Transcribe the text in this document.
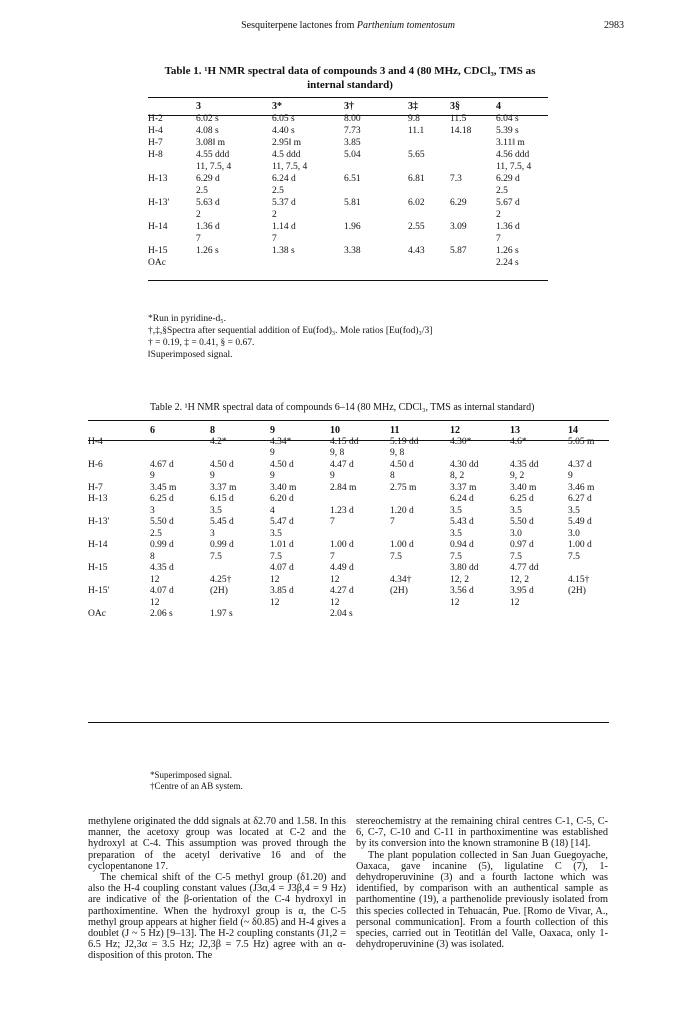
Sesquiterpene lactones from Parthenium tomentosum	2983
Table 1. ¹H NMR spectral data of compounds 3 and 4 (80 MHz, CDCl₃, TMS as
internal standard)
	3	3*	3†	3‡	3§	4
H-2	6.02 s	6.05 s	8.00	9.8	11.5	6.04 s
H-4	4.08 s	4.40 s	7.73	11.1	14.18	5.39 s
H-7	3.08‖ m	2.95‖ m	3.85			3.11‖ m
H-8	4.55 ddd	4.5 ddd	5.04	5.65		4.56 ddd
	11, 7.5, 4	11, 7.5, 4				11, 7.5, 4
H-13	6.29 d	6.24 d	6.51	6.81	7.3	6.29 d
	2.5	2.5				2.5
H-13′	5.63 d	5.37 d	5.81	6.02	6.29	5.67 d
	2	2				2
H-14	1.36 d	1.14 d	1.96	2.55	3.09	1.36 d
	7	7				7
H-15	1.26 s	1.38 s	3.38	4.43	5.87	1.26 s
OAc						2.24 s
*Run in pyridine-d₅.
†,‡,§Spectra after sequential addition of Eu(fod)₃. Mole ratios [Eu(fod)₃/3]
† = 0.19, ‡ = 0.41, § = 0.67.
‖Superimposed signal.
Table 2. ¹H NMR spectral data of compounds 6–14 (80 MHz, CDCl₃, TMS as internal standard)
	6	8	9	10	11	12	13	14
H-4		4.2*	4.34*	4.15 dd	5.19 dd	4.30*	4.6*	5.05 m
			9	9, 8	9, 8			
H-6	4.67 d	4.50 d	4.50 d	4.47 d	4.50 d	4.30 dd	4.35 dd	4.37 d
	9	9	9	9	8	8, 2	9, 2	9
H-7	3.45 m	3.37 m	3.40 m	2.84 m	2.75 m	3.37 m	3.40 m	3.46 m
H-13	6.25 d	6.15 d	6.20 d			6.24 d	6.25 d	6.27 d
	3	3.5	4	1.23 d	1.20 d	3.5	3.5	3.5
H-13′	5.50 d	5.45 d	5.47 d	7	7	5.43 d	5.50 d	5.49 d
	2.5	3	3.5			3.5	3.0	3.0
H-14	0.99 d	0.99 d	1.01 d	1.00 d	1.00 d	0.94 d	0.97 d	1.00 d
	8	7.5	7.5	7	7.5	7.5	7.5	7.5
H-15	4.35 d		4.07 d	4.49 d		3.80 dd	4.77 dd	
	12	4.25†	12	12	4.34†	12, 2	12, 2	4.15†
H-15′	4.07 d	(2H)	3.85 d	4.27 d	(2H)	3.56 d	3.95 d	(2H)
	12		12	12		12	12	
OAc	2.06 s	1.97 s		2.04 s				
*Superimposed signal.
†Centre of an AB system.

methylene originated the ddd signals at δ2.70 and 1.58. In this manner, the acetoxy group was located at C-2 and the hydroxyl at C-4. This assumption was proved through the preparation of the acetyl derivative 16 and of the cyclopentanone 17.

The chemical shift of the C-5 methyl group (δ1.20) and also the H-4 coupling constant values (J3α,4 = J3β,4 = 9 Hz) are indicative of the β-orientation of the C-4 hydroxyl in parthoximentine. When the hydroxyl group is α, the C-5 methyl group appears at higher field (~ δ0.85) and H-4 gives a doublet (J ~ 5 Hz) [9–13]. The H-2 coupling constants (J1,2 = 6.5 Hz; J2,3α = 3.5 Hz; J2,3β = 7.5 Hz) agree with an α-disposition of this proton. The

stereochemistry at the remaining chiral centres C-1, C-5, C-6, C-7, C-10 and C-11 in parthoximentine was established by its conversion into the known stramonine B (18) [14].

The plant population collected in San Juan Guegoyache, Oaxaca, gave incanine (5), ligulatine C (7), 1-dehydroperuvinine (3) and a fourth lactone which was identified, by comparison with an authentical sample as parthomentine (19), a parthenolide previously isolated from this species collected in Tehuacán, Pue. [Romo de Vivar, A., personal communication]. From a fourth collection of this species, carried out in Teotitlán del Valle, Oaxaca, only 1-dehydroperuvinine (3) was isolated.
